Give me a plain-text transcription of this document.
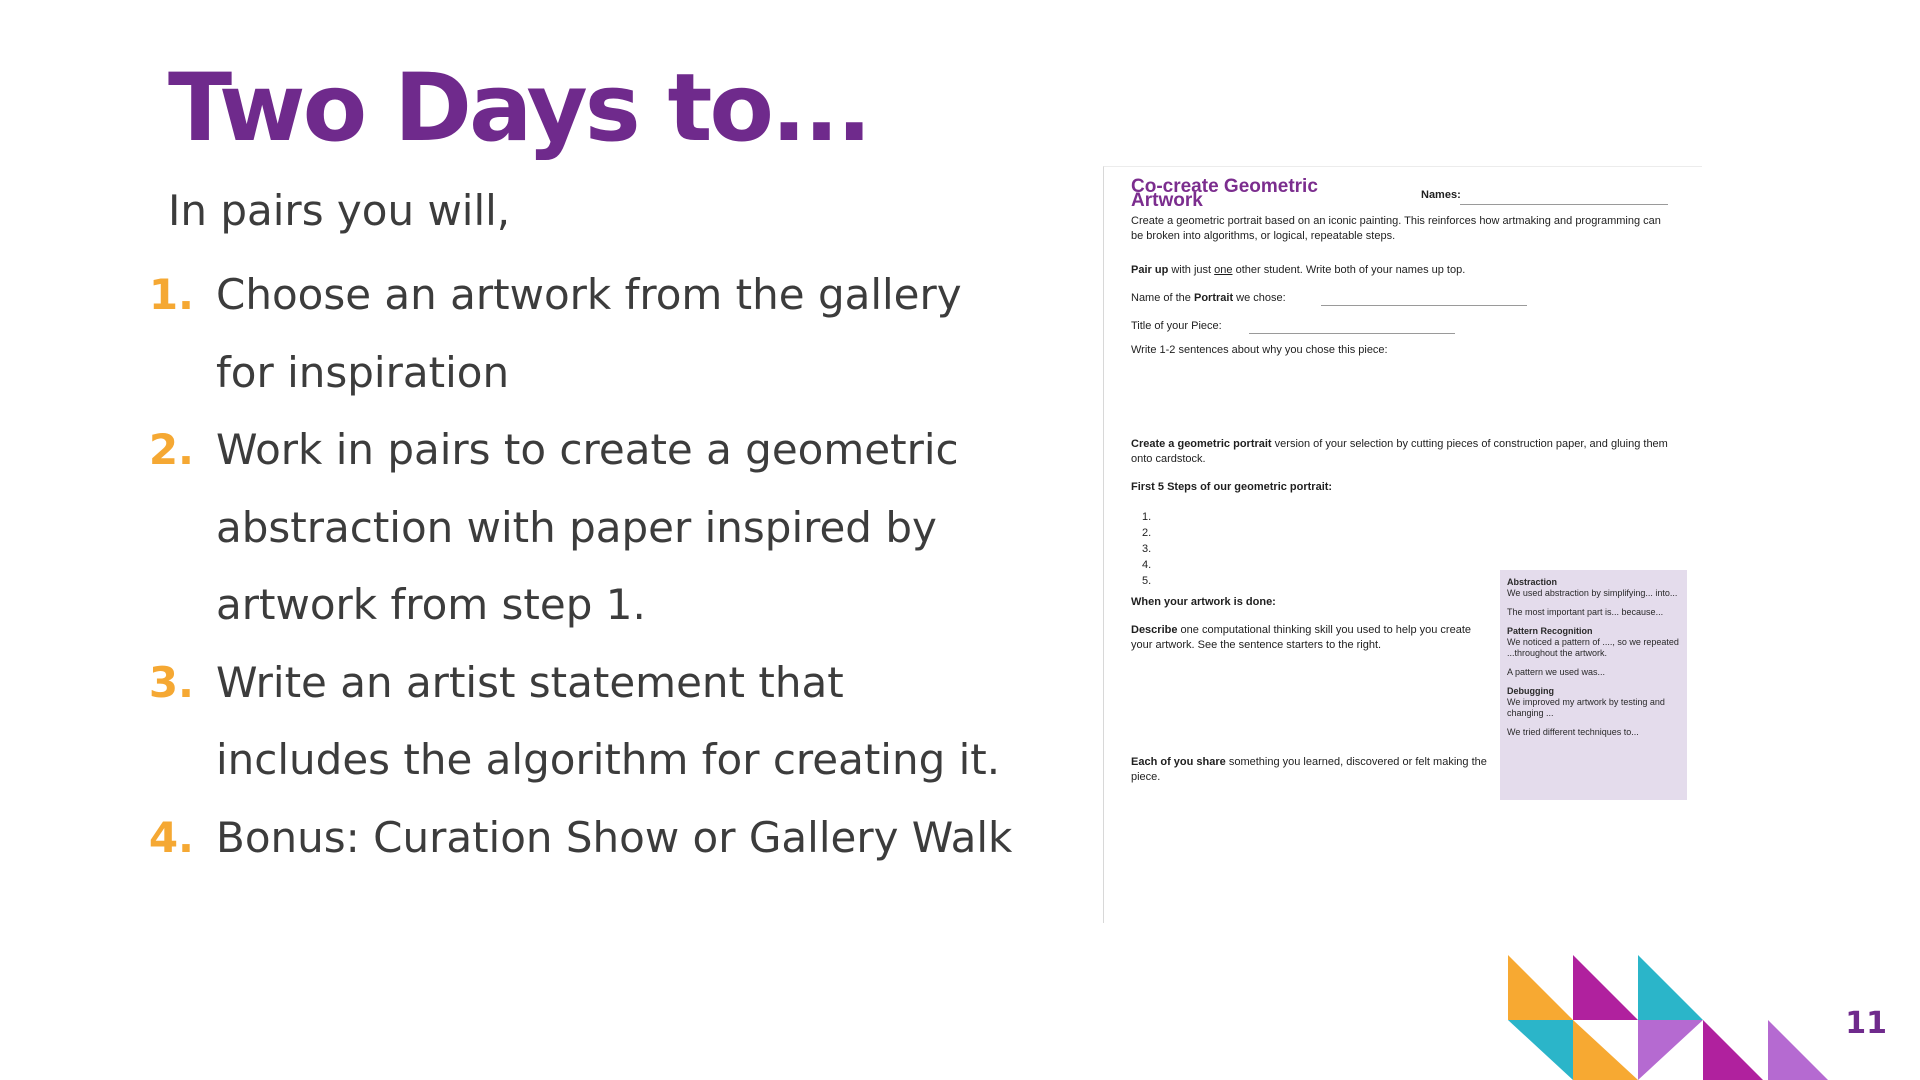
Two Days to...
In pairs you will,
1. Choose an artwork from the gallery for inspiration
2. Work in pairs to create a geometric abstraction with paper inspired by artwork from step 1.
3. Write an artist statement that includes the algorithm for creating it.
4. Bonus: Curation Show or Gallery Walk
Co-create Geometric Artwork	Names:
Create a geometric portrait based on an iconic painting. This reinforces how artmaking and programming can be broken into algorithms, or logical, repeatable steps.
Pair up with just one other student. Write both of your names up top.
Name of the Portrait we chose:
Title of your Piece:
Write 1-2 sentences about why you chose this piece:
Create a geometric portrait version of your selection by cutting pieces of construction paper, and gluing them onto cardstock.
First 5 Steps of our geometric portrait:
1.
2.
3.
4.
5.
When your artwork is done:
Describe one computational thinking skill you used to help you create your artwork. See the sentence starters to the right.
Each of you share something you learned, discovered or felt making the piece.
Abstraction
We used abstraction by simplifying... into...
The most important part is... because...
Pattern Recognition
We noticed a pattern of ...., so we repeated ...throughout the artwork.
A pattern we used was...
Debugging
We improved my artwork by testing and changing ...
We tried different techniques to...
11
